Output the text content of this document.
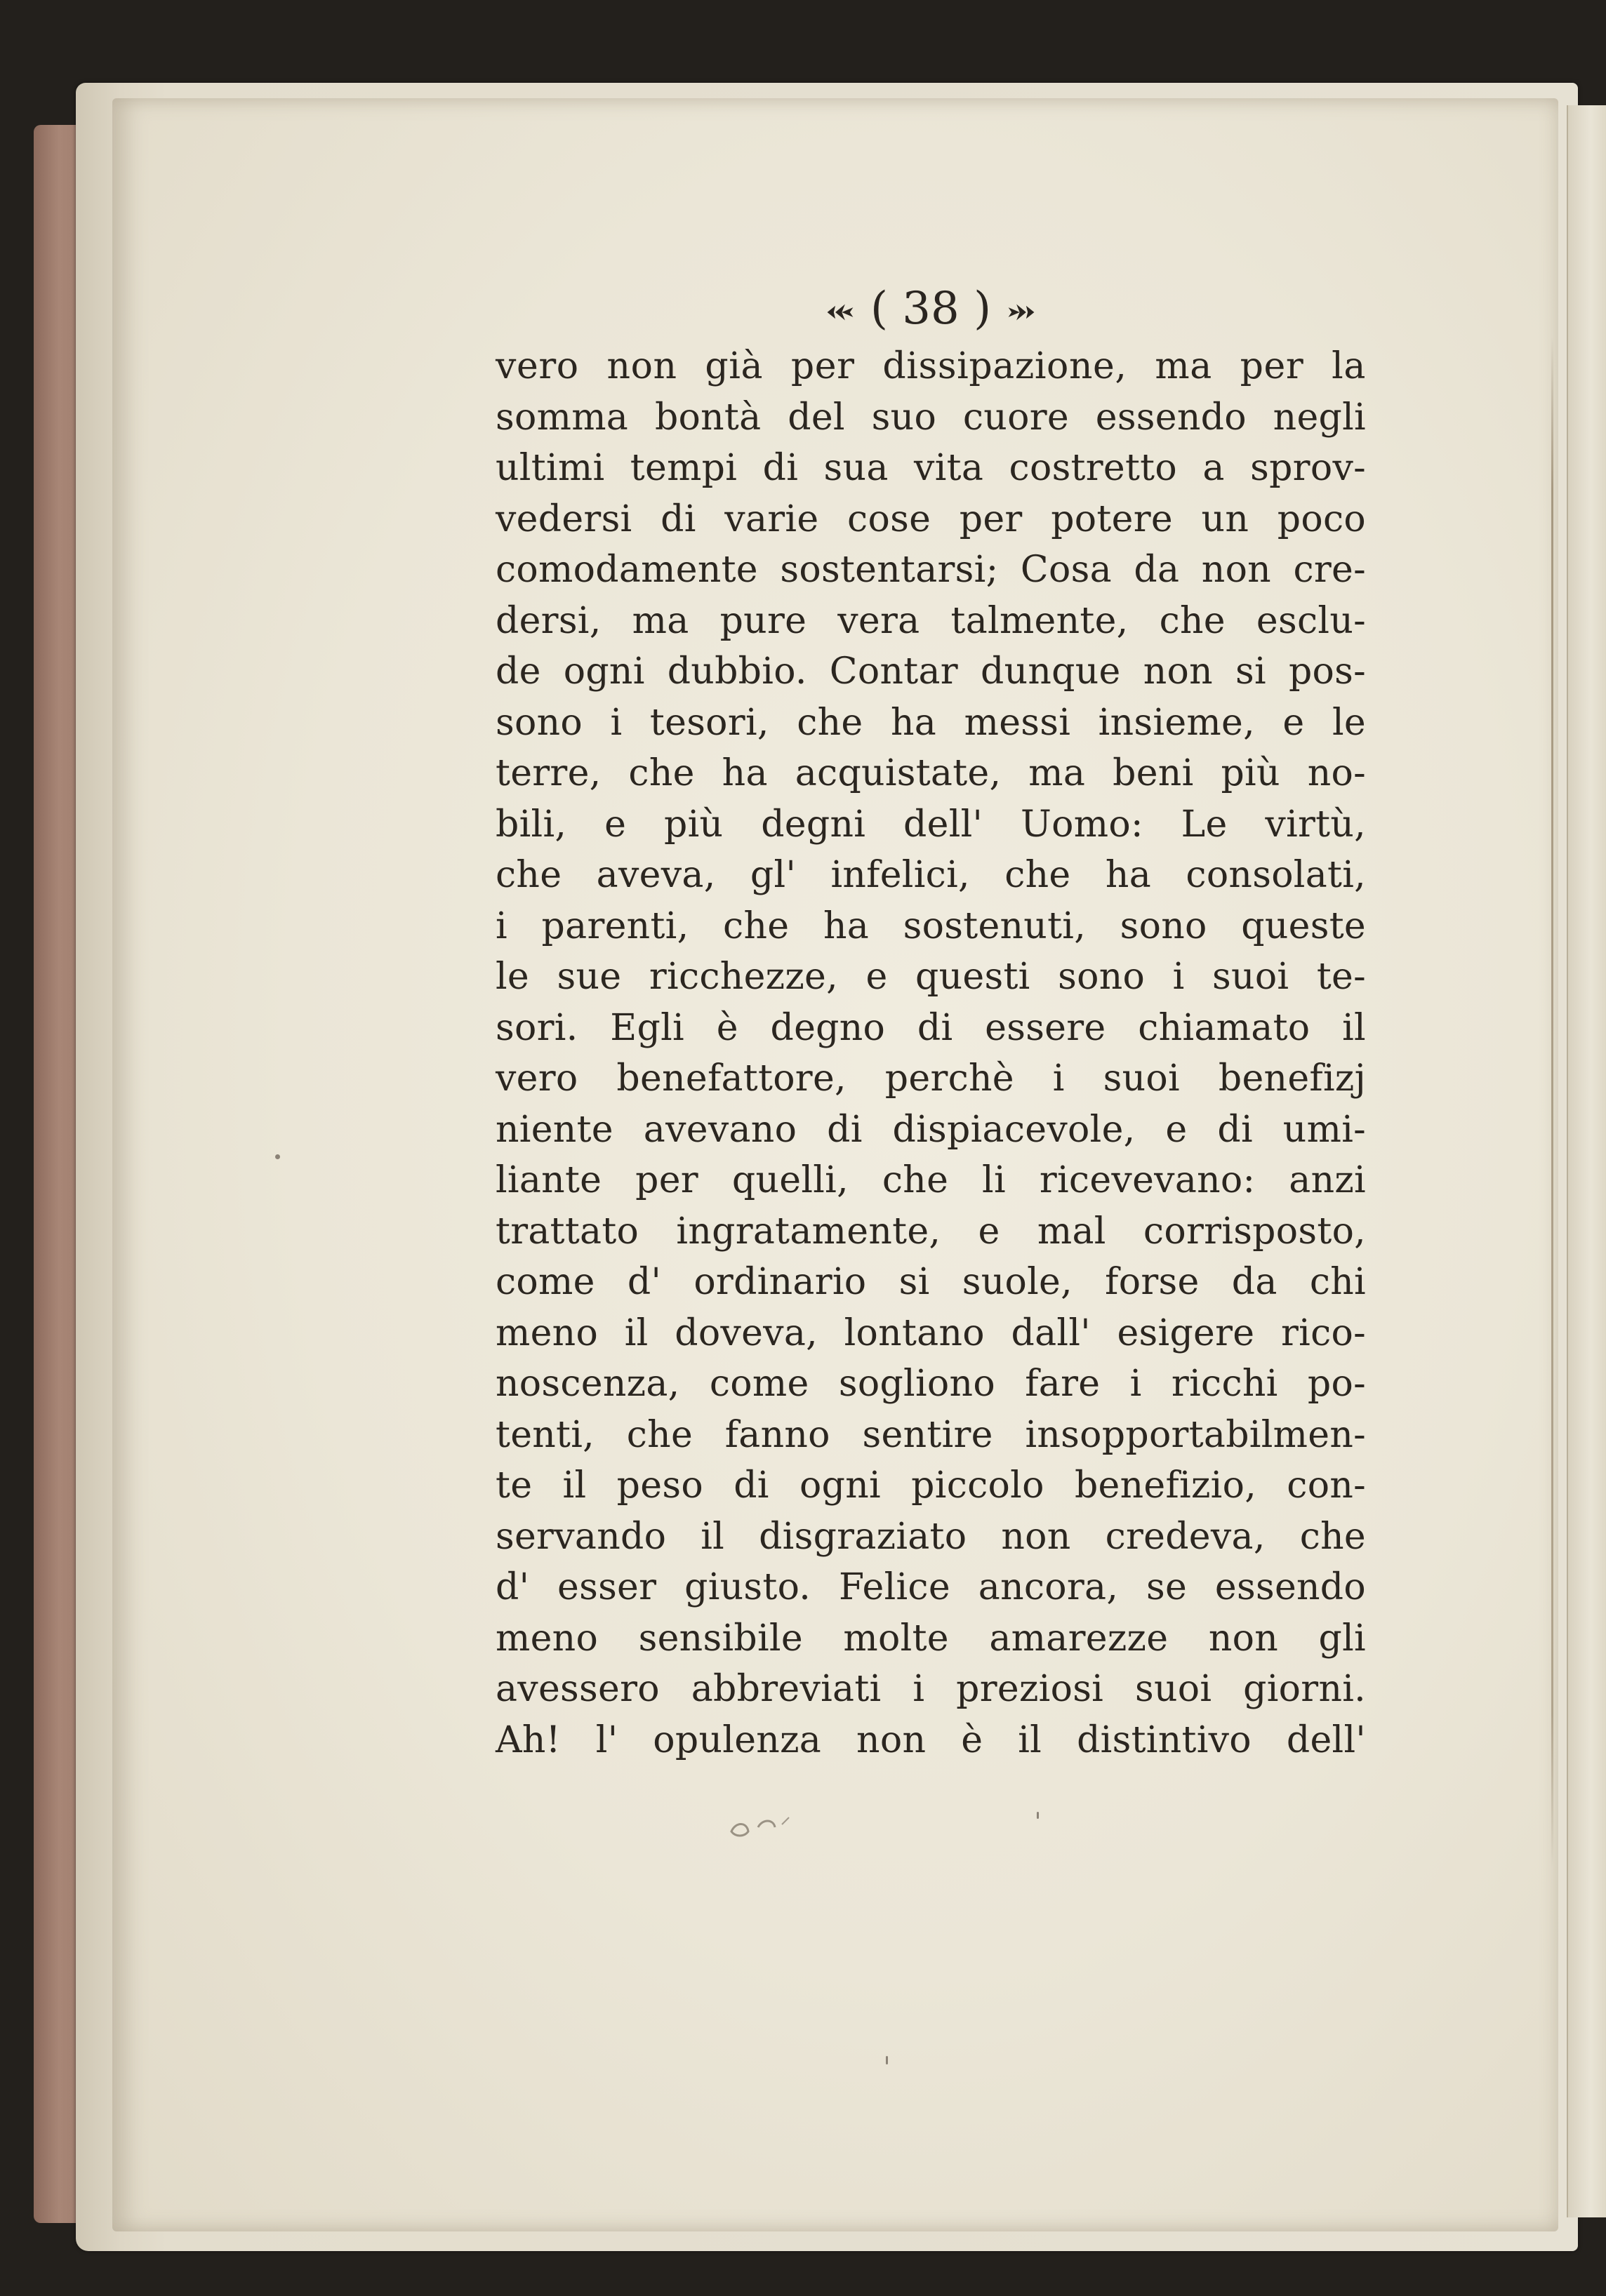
( 38 )
vero non già per dissipazione, ma per la
somma bontà del suo cuore essendo negli
ultimi tempi di sua vita costretto a sprov-
vedersi di varie cose per potere un poco
comodamente sostentarsi; Cosa da non cre-
dersi, ma pure vera talmente, che esclu-
de ogni dubbio. Contar dunque non si pos-
sono i tesori, che ha messi insieme, e le
terre, che ha acquistate, ma beni più no-
bili, e più degni dell' Uomo: Le virtù,
che aveva, gl' infelici, che ha consolati,
i parenti, che ha sostenuti, sono queste
le sue ricchezze, e questi sono i suoi te-
sori. Egli è degno di essere chiamato il
vero benefattore, perchè i suoi benefizj
niente avevano di dispiacevole, e di umi-
liante per quelli, che li ricevevano: anzi
trattato ingratamente, e mal corrisposto,
come d' ordinario si suole, forse da chi
meno il doveva, lontano dall' esigere rico-
noscenza, come sogliono fare i ricchi po-
tenti, che fanno sentire insopportabilmen-
te il peso di ogni piccolo benefizio, con-
servando il disgraziato non credeva, che
d' esser giusto. Felice ancora, se essendo
meno sensibile molte amarezze non gli
avessero abbreviati i preziosi suoi giorni.
Ah! l' opulenza non è il distintivo dell'
